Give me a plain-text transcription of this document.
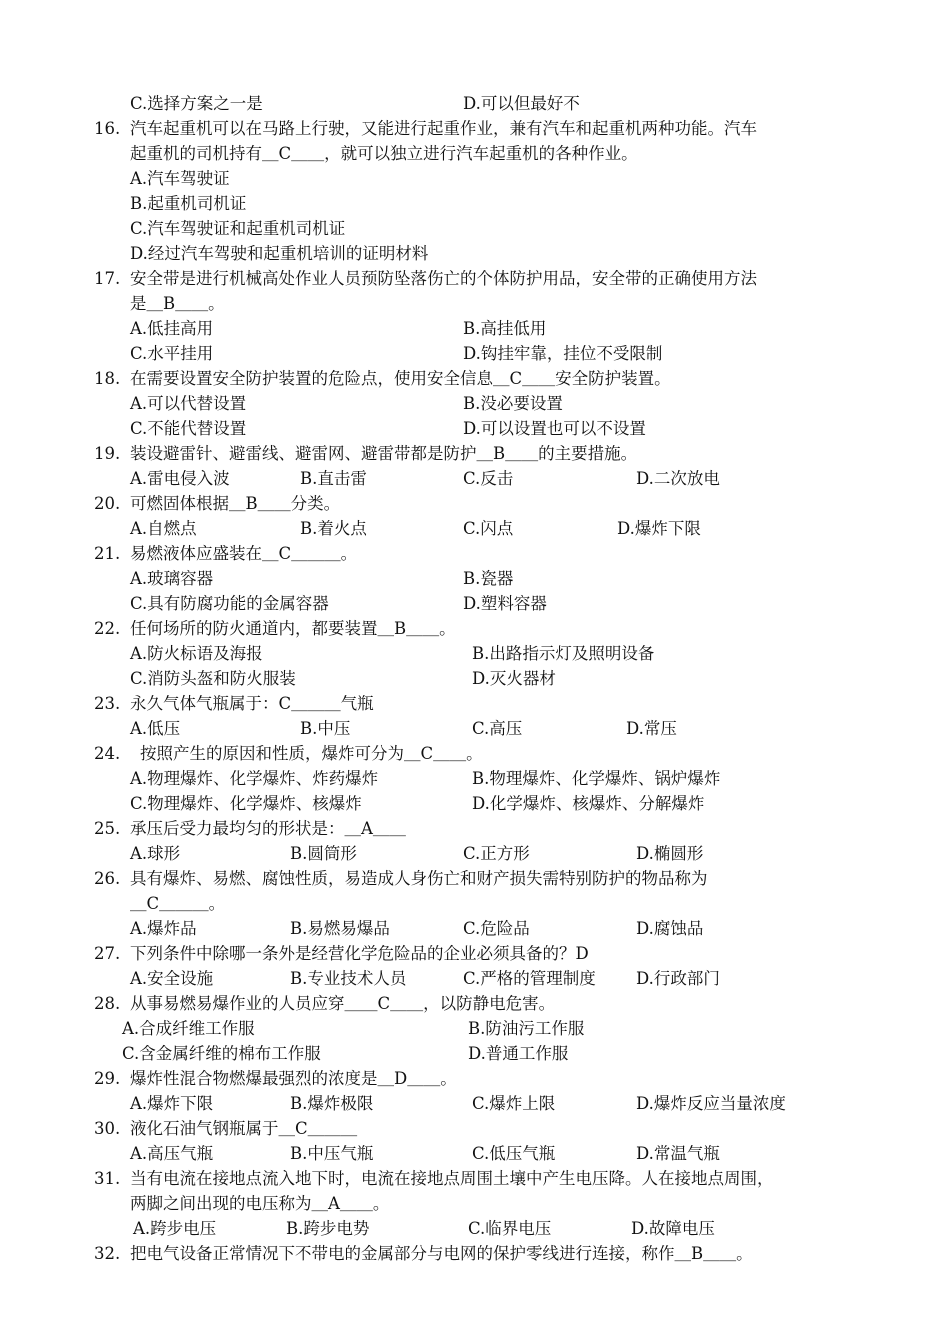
C.选择方案之一是	D.可以但最好不
16. 汽车起重机可以在马路上行驶，又能进行起重作业，兼有汽车和起重机两种功能。汽车
起重机的司机持有＿C＿＿，就可以独立进行汽车起重机的各种作业。
A.汽车驾驶证
B.起重机司机证
C.汽车驾驶证和起重机司机证
D.经过汽车驾驶和起重机培训的证明材料
17. 安全带是进行机械高处作业人员预防坠落伤亡的个体防护用品，安全带的正确使用方法
是＿B＿＿。
A.低挂高用	B.高挂低用
C.水平挂用	D.钩挂牢靠，挂位不受限制
18. 在需要设置安全防护装置的危险点，使用安全信息＿C＿＿安全防护装置。
A.可以代替设置	B.没必要设置
C.不能代替设置	D.可以设置也可以不设置
19. 装设避雷针、避雷线、避雷网、避雷带都是防护＿B＿＿的主要措施。
A.雷电侵入波	B.直击雷	C.反击	D.二次放电
20. 可燃固体根据＿B＿＿分类。
A.自燃点	B.着火点	C.闪点	D.爆炸下限
21. 易燃液体应盛装在＿C＿＿＿。
A.玻璃容器	B.瓷器
C.具有防腐功能的金属容器	D.塑料容器
22. 任何场所的防火通道内，都要装置＿B＿＿。
A.防火标语及海报	B.出路指示灯及照明设备
C.消防头盔和防火服装	D.灭火器材
23. 永久气体气瓶属于：C＿＿＿气瓶
A.低压	B.中压	C.高压	D.常压
24. 按照产生的原因和性质，爆炸可分为＿C＿＿。
A.物理爆炸、化学爆炸、炸药爆炸	B.物理爆炸、化学爆炸、锅炉爆炸
C.物理爆炸、化学爆炸、核爆炸	D.化学爆炸、核爆炸、分解爆炸
25. 承压后受力最均匀的形状是：＿A＿＿
A.球形	B.圆筒形	C.正方形	D.椭圆形
26. 具有爆炸、易燃、腐蚀性质，易造成人身伤亡和财产损失需特别防护的物品称为
＿C＿＿＿。
A.爆炸品	B.易燃易爆品	C.危险品	D.腐蚀品
27. 下列条件中除哪一条外是经营化学危险品的企业必须具备的？D
A.安全设施	B.专业技术人员	C.严格的管理制度 D.行政部门
28. 从事易燃易爆作业的人员应穿＿＿C＿＿，以防静电危害。
A.合成纤维工作服	B.防油污工作服
C.含金属纤维的棉布工作服	D.普通工作服
29. 爆炸性混合物燃爆最强烈的浓度是＿D＿＿。
A.爆炸下限	B.爆炸极限	C.爆炸上限	D.爆炸反应当量浓度
30. 液化石油气钢瓶属于＿C＿＿＿
A.高压气瓶	B.中压气瓶	C.低压气瓶	D.常温气瓶
31. 当有电流在接地点流入地下时，电流在接地点周围土壤中产生电压降。人在接地点周围，
两脚之间出现的电压称为＿A＿＿。
A.跨步电压	B.跨步电势	C.临界电压	D.故障电压
32. 把电气设备正常情况下不带电的金属部分与电网的保护零线进行连接，称作＿B＿＿。
